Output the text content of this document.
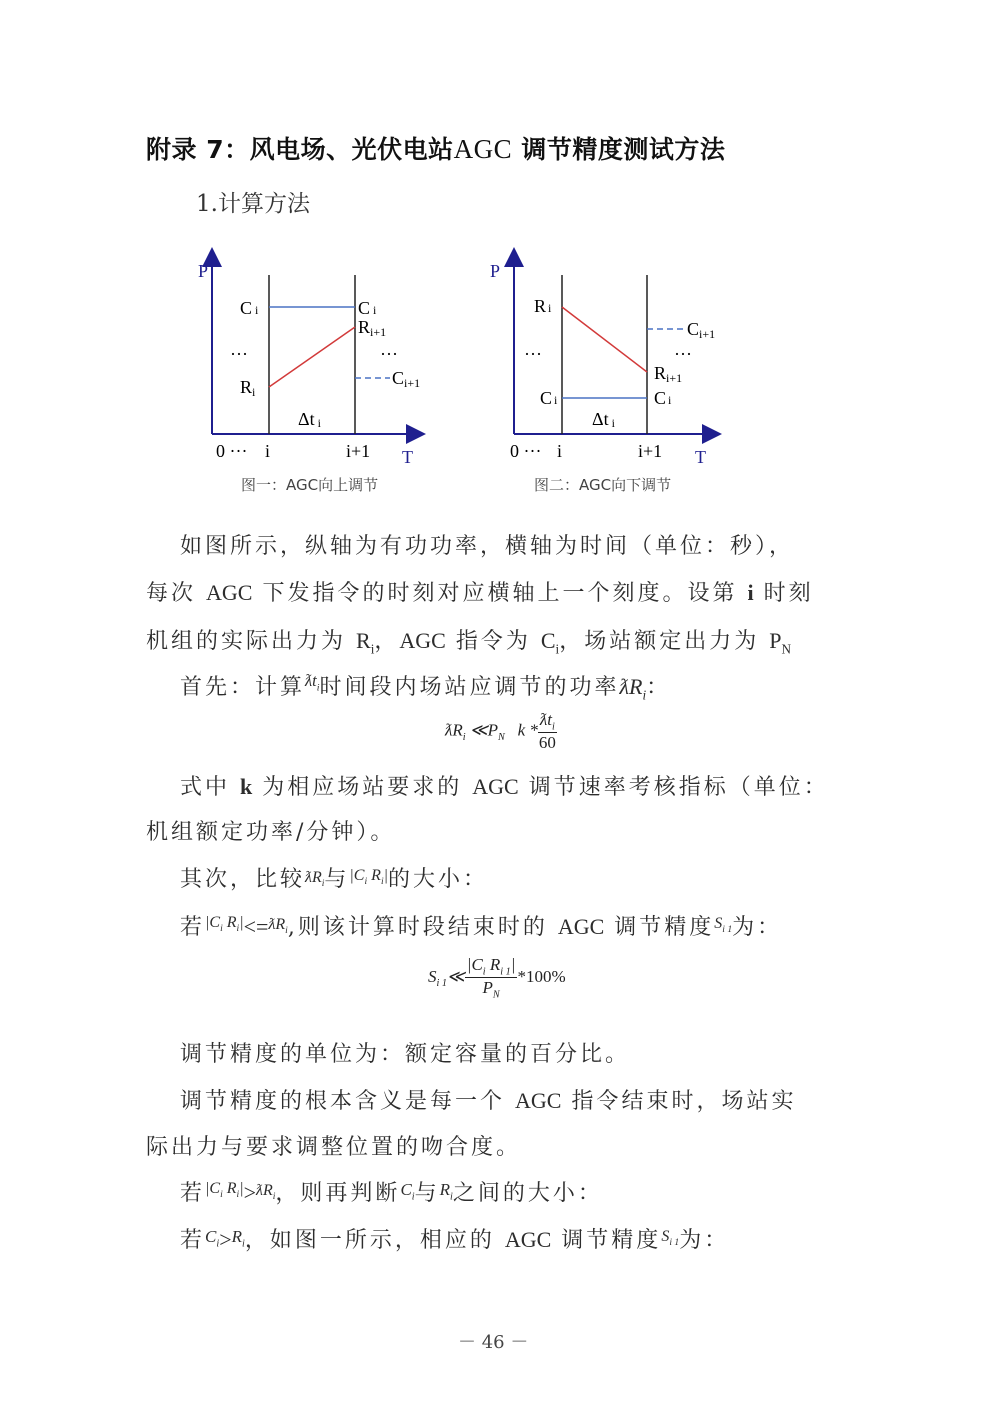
附录 7：风电场、光伏电站AGC 调节精度测试方法
1.计算方法
P
T
Ci	Ci
Ri+1
···	···
Ri
Ci+1
Δt i
0 ··· i	i+1
图一：AGC向上调节
P
T
Ri
Ci+1
···	···
Ri+1
Ci	Ci
Δt i
0 ··· i	i+1
图二：AGC向下调节
如图所示，纵轴为有功功率，横轴为时间（单位：秒），
每次 AGC 下发指令的时刻对应横轴上一个刻度。设第 i 时刻
机组的实际出力为 $R_i$，AGC 指令为 $C_i$，场站额定出力为 $P_N$
首先：计算$^{ƛt_i}$时间段内场站应调节的功率$ƛR_i$：
$ƛR_i$ $≪P_N$ k * $\frac{ƛt_i}{60}$
式中 k 为相应场站要求的 AGC 调节速率考核指标（单位：
机组额定功率/分钟）。
其次，比较$ƛR_i$与$^{|C_i R_i|}$的大小：
若$^{|C_i R_i|}$<=$^{ƛR_i}$,则该计算时段结束时的 AGC 调节精度$^{S_{i 1}}$为：
$S_{i 1}≪ \frac{|C_i R_{i 1}|}{P_N} *100\%$
调节精度的单位为：额定容量的百分比。
调节精度的根本含义是每一个 AGC 指令结束时，场站实
际出力与要求调整位置的吻合度。
若$^{|C_i R_i|}$>$^{ƛR_i}$，则再判断$^{C_i}$与$^{R_i}$之间的大小：
若$^{C_i}$>$^{R_i}$，如图一所示，相应的 AGC 调节精度$^{S_{i 1}}$为：
－ 46 －
